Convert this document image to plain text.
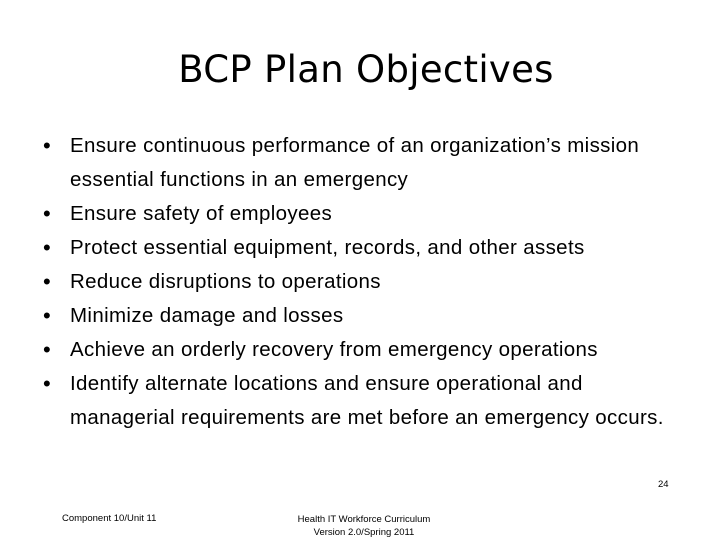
BCP Plan Objectives
• Ensure continuous performance of an organization’s mission essential functions in an emergency
• Ensure safety of employees
• Protect essential equipment, records, and other assets
• Reduce disruptions to operations
• Minimize damage and losses
• Achieve an orderly recovery from emergency operations
• Identify alternate locations and ensure operational and managerial requirements are met before an emergency occurs.
Component 10/Unit 11	Health IT Workforce Curriculum
Version 2.0/Spring 2011
24
